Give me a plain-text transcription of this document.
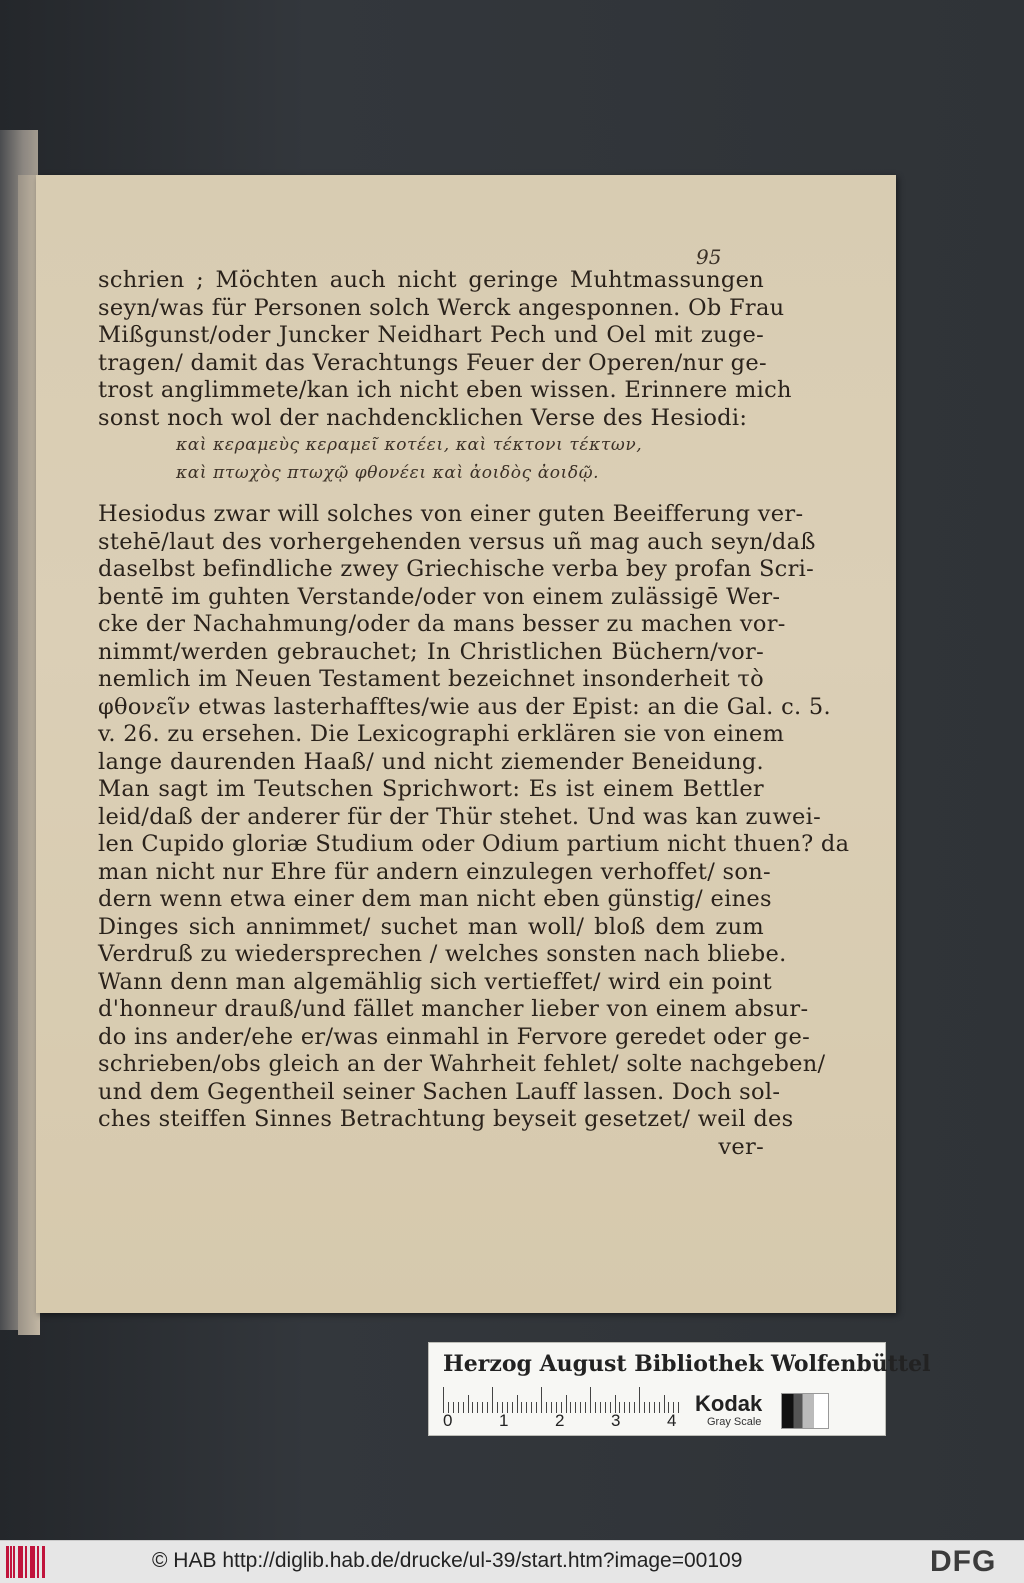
95
schrien ; Möchten auch nicht geringe Muhtmassungen
seyn/was für Personen solch Werck angesponnen. Ob Frau
Mißgunst/oder Juncker Neidhart Pech und Oel mit zuge-
tragen/ damit das Verachtungs Feuer der Operen/nur ge-
trost anglimmete/kan ich nicht eben wissen. Erinnere mich
sonst noch wol der nachdencklichen Verse des Hesiodi:
καὶ κεραμεὺς κεραμεῖ κοτέει, καὶ τέκτονι τέκτων,
καὶ πτωχὸς πτωχῷ φθονέει καὶ ἀοιδὸς ἀοιδῷ.
Hesiodus zwar will solches von einer guten Beeifferung ver-
stehē/laut des vorhergehenden versus uñ mag auch seyn/daß
daselbst befindliche zwey Griechische verba bey profan Scri-
bentē im guhten Verstande/oder von einem zulässigē Wer-
cke der Nachahmung/oder da mans besser zu machen vor-
nimmt/werden gebrauchet; In Christlichen Büchern/vor-
nemlich im Neuen Testament bezeichnet insonderheit τὸ
φθονεῖν etwas lasterhafftes/wie aus der Epist: an die Gal. c. 5.
v. 26. zu ersehen. Die Lexicographi erklären sie von einem
lange daurenden Haaß/ und nicht ziemender Beneidung.
Man sagt im Teutschen Sprichwort: Es ist einem Bettler
leid/daß der anderer für der Thür stehet. Und was kan zuwei-
len Cupido gloriæ Studium oder Odium partium nicht thuen? da
man nicht nur Ehre für andern einzulegen verhoffet/ son-
dern wenn etwa einer dem man nicht eben günstig/ eines
Dinges sich annimmet/ suchet man woll/ bloß dem zum
Verdruß zu wiedersprechen / welches sonsten nach bliebe.
Wann denn man algemählig sich vertieffet/ wird ein point
d'honneur drauß/und fället mancher lieber von einem absur-
do ins ander/ehe er/was einmahl in Fervore geredet oder ge-
schrieben/obs gleich an der Wahrheit fehlet/ solte nachgeben/
und dem Gegentheil seiner Sachen Lauff lassen. Doch sol-
ches steiffen Sinnes Betrachtung beyseit gesetzet/ weil des
ver-
Herzog August Bibliothek Wolfenbüttel
0	1	2	3	4
Kodak
Gray Scale
© HAB http://diglib.hab.de/drucke/ul-39/start.htm?image=00109	DFG
